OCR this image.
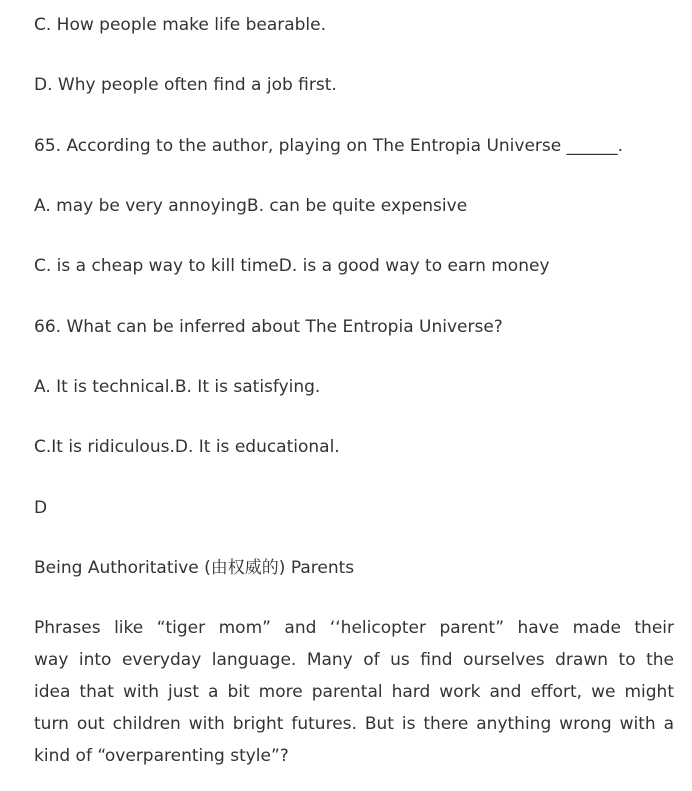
C. How people make life bearable.
D. Why people often find a job first.
65. According to the author, playing on The Entropia Universe ______.
A. may be very annoyingB. can be quite expensive
C. is a cheap way to kill timeD. is a good way to earn money
66. What can be inferred about The Entropia Universe?
A. It is technical.B. It is satisfying.
C.It is ridiculous.D. It is educational.
D
Being Authoritative (由权威的) Parents
Phrases like “tiger mom” and ‘‘helicopter parent” have made their
way into everyday language. Many of us find ourselves drawn to the
idea that with just a bit more parental hard work and effort, we might
turn out children with bright futures. But is there anything wrong with a
kind of “overparenting style”?
